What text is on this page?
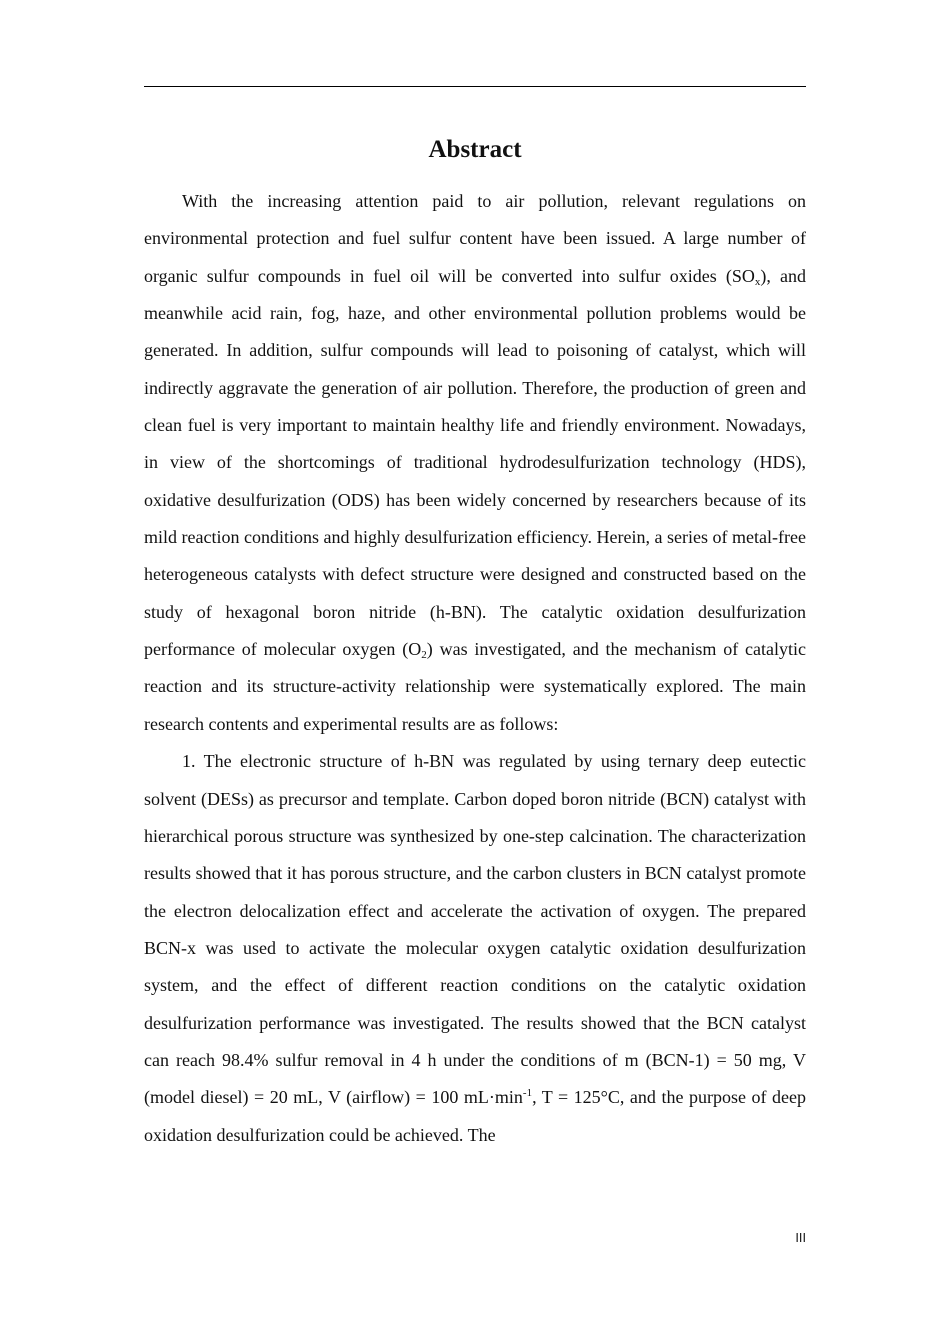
Abstract

With the increasing attention paid to air pollution, relevant regulations on environmental protection and fuel sulfur content have been issued. A large number of organic sulfur compounds in fuel oil will be converted into sulfur oxides $(SO_x)$, and meanwhile acid rain, fog, haze, and other environmental pollution problems would be generated. In addition, sulfur compounds will lead to poisoning of catalyst, which will indirectly aggravate the generation of air pollution. Therefore, the production of green and clean fuel is very important to maintain healthy life and friendly environment. Nowadays, in view of the shortcomings of traditional hydrodesulfurization technology (HDS), oxidative desulfurization (ODS) has been widely concerned by researchers because of its mild reaction conditions and highly desulfurization efficiency. Herein, a series of metal-free heterogeneous catalysts with defect structure were designed and constructed based on the study of hexagonal boron nitride (h-BN). The catalytic oxidation desulfurization performance of molecular oxygen $(O_2)$ was investigated, and the mechanism of catalytic reaction and its structure-activity relationship were systematically explored. The main research contents and experimental results are as follows:

1. The electronic structure of h-BN was regulated by using ternary deep eutectic solvent (DESs) as precursor and template. Carbon doped boron nitride (BCN) catalyst with hierarchical porous structure was synthesized by one-step calcination. The characterization results showed that it has porous structure, and the carbon clusters in BCN catalyst promote the electron delocalization effect and accelerate the activation of oxygen. The prepared BCN-x was used to activate the molecular oxygen catalytic oxidation desulfurization system, and the effect of different reaction conditions on the catalytic oxidation desulfurization performance was investigated. The results showed that the BCN catalyst can reach 98.4% sulfur removal in 4 h under the conditions of m (BCN-1) = 50 mg, V (model diesel) = 20 mL, V (airflow) = 100 $mL\cdot\min^{-1}$, T = 125°C, and the purpose of deep oxidation desulfurization could be achieved. The

III
